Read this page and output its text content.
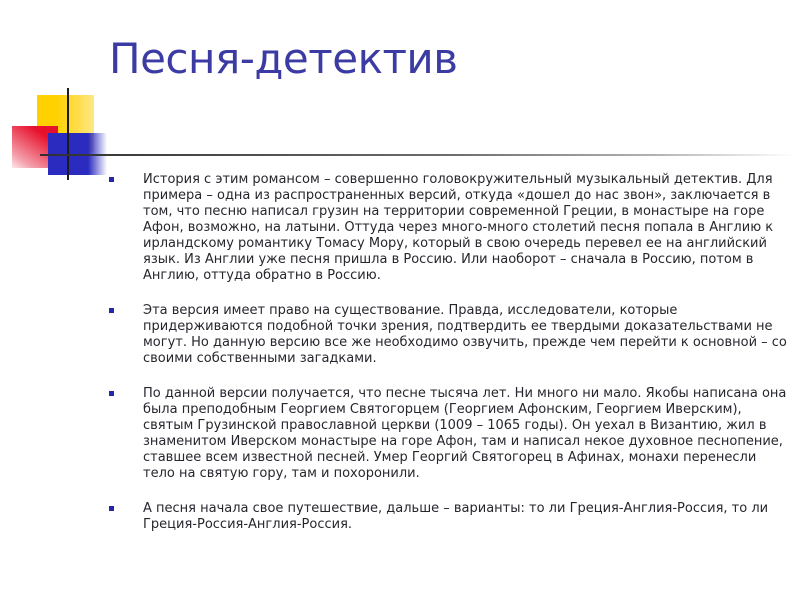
Песня-детектив
История с этим романсом – совершенно головокружительный музыкальный детектив. Для примера – одна из распространенных версий, откуда «дошел до нас звон», заключается в том, что песню написал грузин на территории современной Греции, в монастыре на горе Афон, возможно, на латыни. Оттуда через много-много столетий песня попала в Англию к ирландскому романтику Томасу Мору, который в свою очередь перевел ее на английский язык. Из Англии уже песня пришла в Россию. Или наоборот – сначала в Россию, потом в Англию, оттуда обратно в Россию.
Эта версия имеет право на существование. Правда, исследователи, которые придерживаются подобной точки зрения, подтвердить ее твердыми доказательствами не могут. Но данную версию все же необходимо озвучить, прежде чем перейти к основной – со своими собственными загадками.
По данной версии получается, что песне тысяча лет. Ни много ни мало. Якобы написана она была преподобным Георгием Святогорцем (Георгием Афонским, Георгием Иверским), святым Грузинской православной церкви (1009 – 1065 годы). Он уехал в Византию, жил в знаменитом Иверском монастыре на горе Афон, там и написал некое духовное песнопение, ставшее всем известной песней. Умер Георгий Святогорец в Афинах, монахи перенесли тело на святую гору, там и похоронили.
А песня начала свое путешествие, дальше – варианты: то ли Греция-Англия-Россия, то ли Греция-Россия-Англия-Россия.
